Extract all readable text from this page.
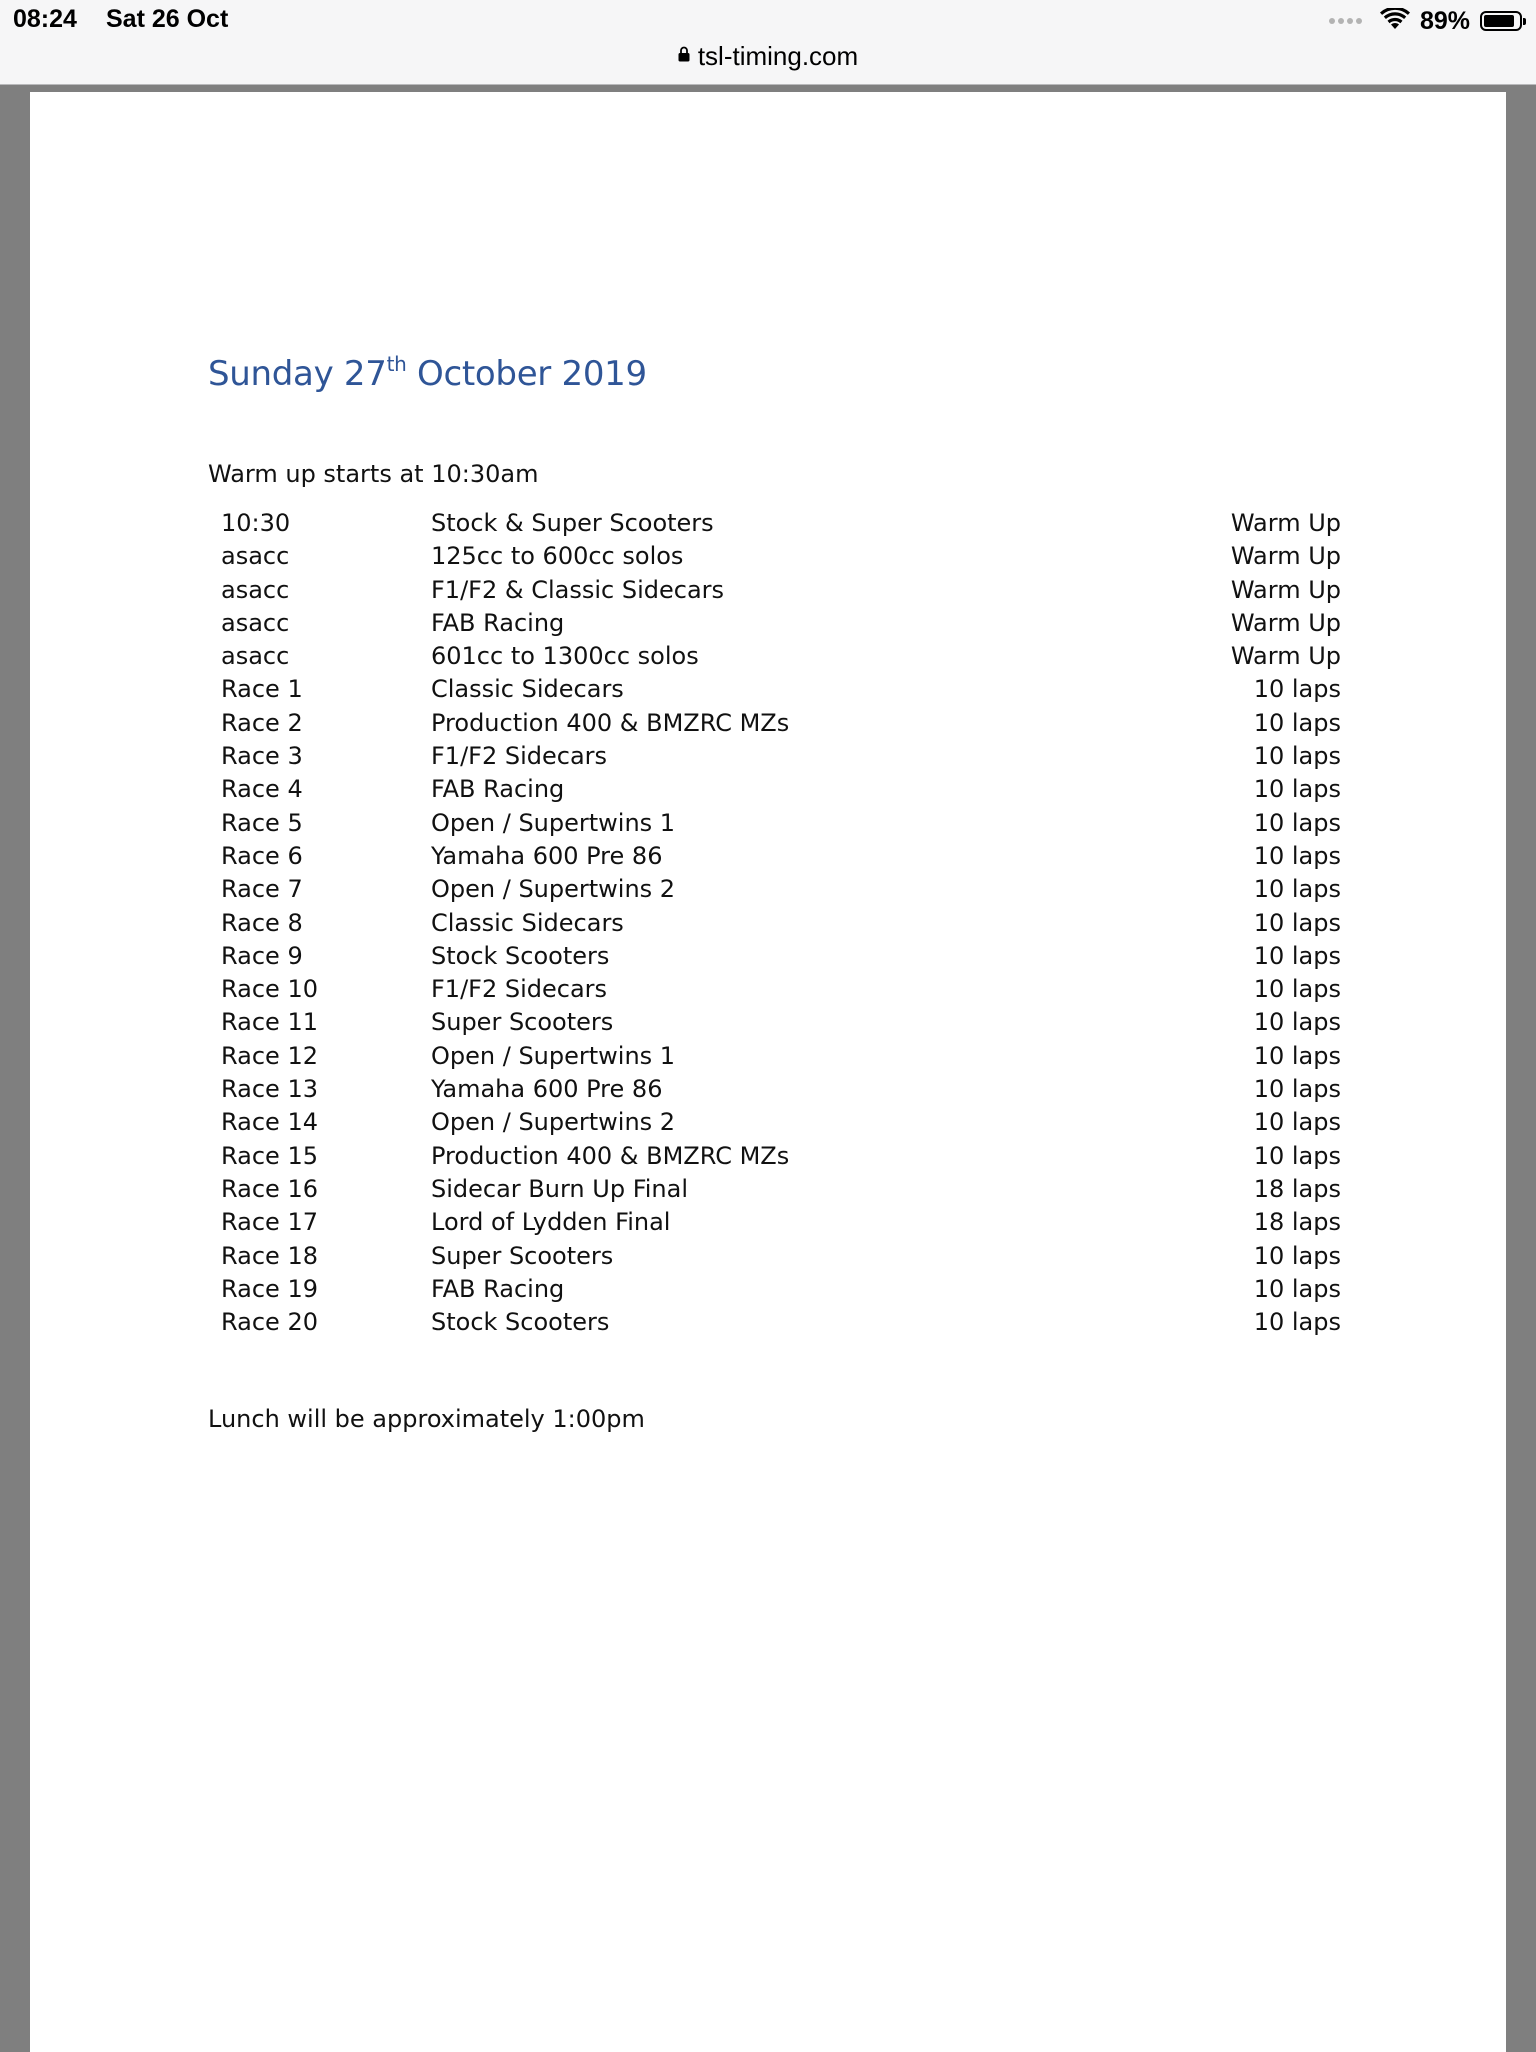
08:24 Sat 26 Oct	89%
tsl-timing.com
Sunday 27th October 2019
Warm up starts at 10:30am
10:30	Stock & Super Scooters	Warm Up
asacc	125cc to 600cc solos	Warm Up
asacc	F1/F2 & Classic Sidecars	Warm Up
asacc	FAB Racing	Warm Up
asacc	601cc to 1300cc solos	Warm Up
Race 1	Classic Sidecars	10 laps
Race 2	Production 400 & BMZRC MZs	10 laps
Race 3	F1/F2 Sidecars	10 laps
Race 4	FAB Racing	10 laps
Race 5	Open / Supertwins 1	10 laps
Race 6	Yamaha 600 Pre 86	10 laps
Race 7	Open / Supertwins 2	10 laps
Race 8	Classic Sidecars	10 laps
Race 9	Stock Scooters	10 laps
Race 10	F1/F2 Sidecars	10 laps
Race 11	Super Scooters	10 laps
Race 12	Open / Supertwins 1	10 laps
Race 13	Yamaha 600 Pre 86	10 laps
Race 14	Open / Supertwins 2	10 laps
Race 15	Production 400 & BMZRC MZs	10 laps
Race 16	Sidecar Burn Up Final	18 laps
Race 17	Lord of Lydden Final	18 laps
Race 18	Super Scooters	10 laps
Race 19	FAB Racing	10 laps
Race 20	Stock Scooters	10 laps
Lunch will be approximately 1:00pm
